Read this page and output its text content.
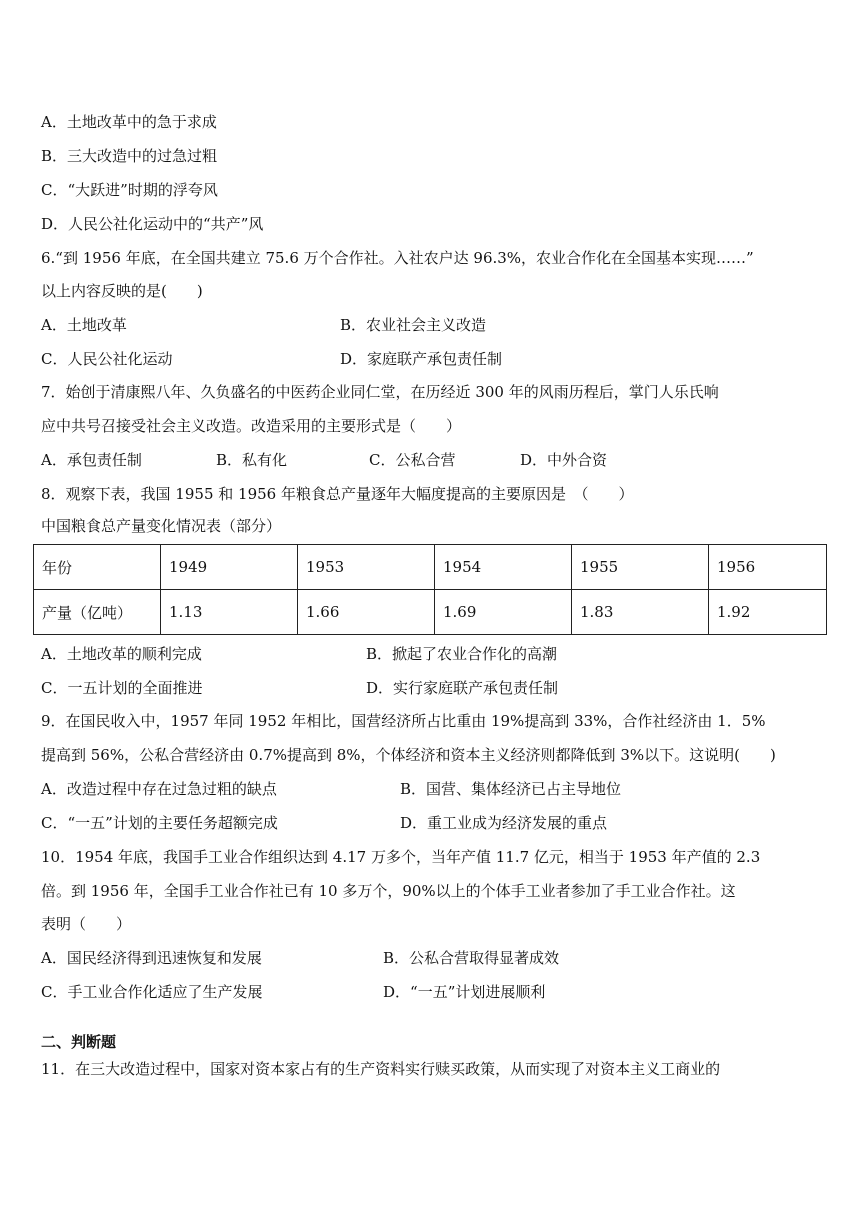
A．土地改革中的急于求成
B．三大改造中的过急过粗
C．“大跃进”时期的浮夸风
D．人民公社化运动中的“共产”风
6.“到 1956 年底，在全国共建立 75.6 万个合作社。入社农户达 96.3%，农业合作化在全国基本实现……”
以上内容反映的是(　　)
A．土地改革	B．农业社会主义改造
C．人民公社化运动	D．家庭联产承包责任制
7．始创于清康熙八年、久负盛名的中医药企业同仁堂，在历经近 300 年的风雨历程后，掌门人乐氏响
应中共号召接受社会主义改造。改造采用的主要形式是（　　）
A．承包责任制	B．私有化	C．公私合营	D．中外合资
8．观察下表，我国 1955 和 1956 年粮食总产量逐年大幅度提高的主要原因是　（　　）
中国粮食总产量变化情况表（部分）
年份	1949	1953	1954	1955	1956
产量（亿吨）	1.13	1.66	1.69	1.83	1.92
A．土地改革的顺利完成	B．掀起了农业合作化的高潮
C．一五计划的全面推进	D．实行家庭联产承包责任制
9．在国民收入中，1957 年同 1952 年相比，国营经济所占比重由 19%提高到 33%，合作社经济由 1．5%
提高到 56%，公私合营经济由 0.7%提高到 8%，个体经济和资本主义经济则都降低到 3%以下。这说明(　　)
A．改造过程中存在过急过粗的缺点	B．国营、集体经济已占主导地位
C．“一五”计划的主要任务超额完成	D．重工业成为经济发展的重点
10．1954 年底，我国手工业合作组织达到 4.17 万多个，当年产值 11.7 亿元，相当于 1953 年产值的 2.3
倍。到 1956 年，全国手工业合作社已有 10 多万个，90%以上的个体手工业者参加了手工业合作社。这
表明（　　）
A．国民经济得到迅速恢复和发展	B．公私合营取得显著成效
C．手工业合作化适应了生产发展	D．“一五”计划进展顺利
二、判断题
11．在三大改造过程中，国家对资本家占有的生产资料实行赎买政策，从而实现了对资本主义工商业的
